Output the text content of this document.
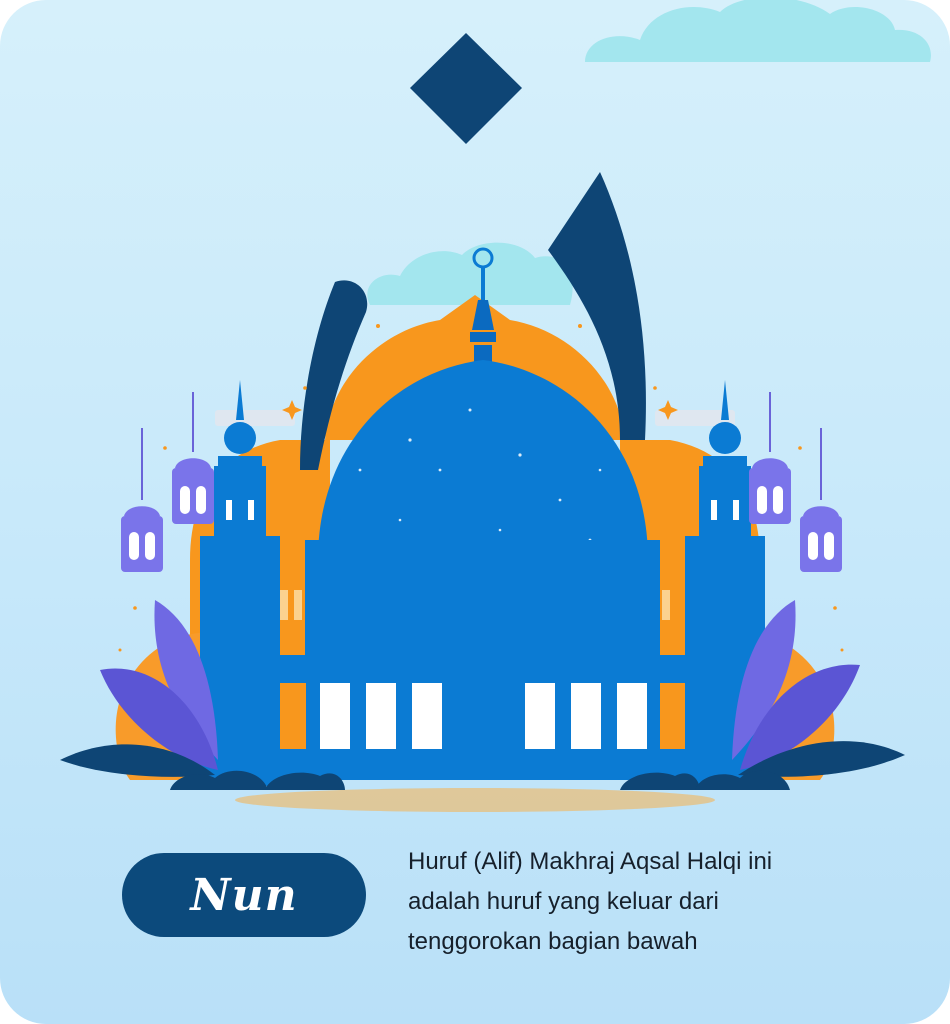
Nun

Huruf (Alif) Makhraj Aqsal Halqi ini
adalah huruf yang keluar dari
tenggorokan bagian bawah
